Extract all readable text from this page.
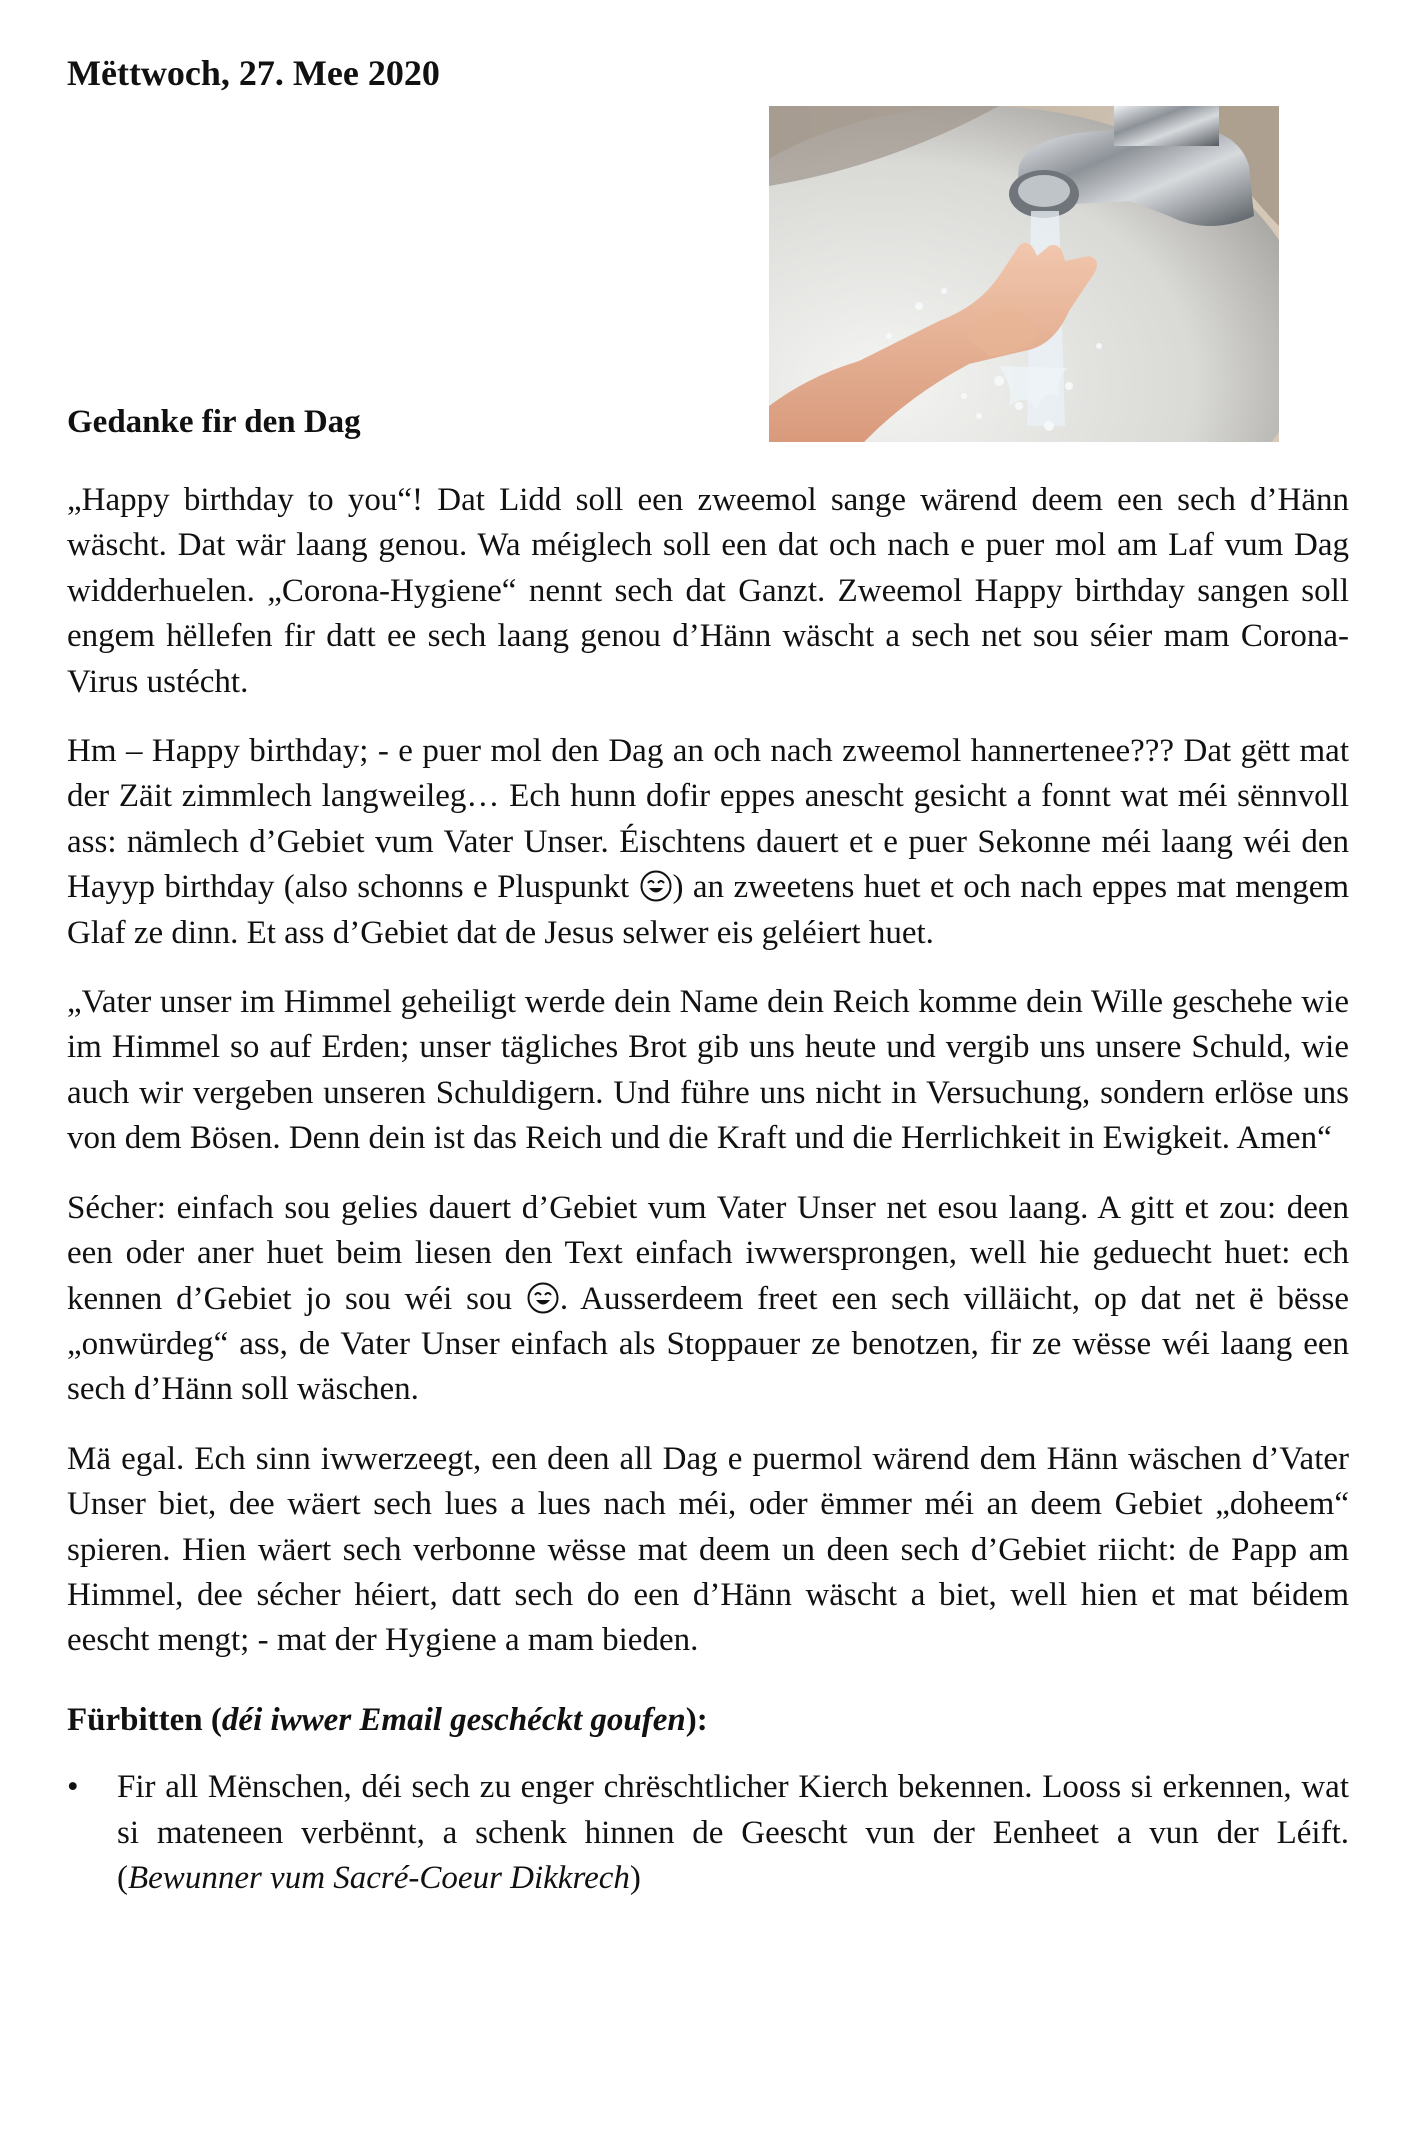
Mëttwoch, 27. Mee 2020
Gedanke fir den Dag

„Happy birthday to you“! Dat Lidd soll een zweemol sange wärend deem een sech d’Hänn wäscht. Dat wär laang genou. Wa méiglech soll een dat och nach e puer mol am Laf vum Dag widderhuelen. „Corona-Hygiene“ nennt sech dat Ganzt. Zweemol Happy birthday sangen soll engem hëllefen fir datt ee sech laang genou d’Hänn wäscht a sech net sou séier mam Corona-Virus ustécht.

Hm – Happy birthday; - e puer mol den Dag an och nach zweemol hannertenee??? Dat gëtt mat der Zäit zimmlech langweileg… Ech hunn dofir eppes anescht gesicht a fonnt wat méi sënnvoll ass: nämlech d’Gebiet vum Vater Unser. Éischtens dauert et e puer Sekonne méi laang wéi den Hayyp birthday (also schonns e Pluspunkt ) an zweetens huet et och nach eppes mat mengem Glaf ze dinn. Et ass d’Gebiet dat de Jesus selwer eis geléiert huet.

„Vater unser im Himmel geheiligt werde dein Name dein Reich komme dein Wille geschehe wie im Himmel so auf Erden; unser tägliches Brot gib uns heute und vergib uns unsere Schuld, wie auch wir vergeben unseren Schuldigern. Und führe uns nicht in Versuchung, sondern erlöse uns von dem Bösen. Denn dein ist das Reich und die Kraft und die Herrlichkeit in Ewigkeit. Amen“

Sécher: einfach sou gelies dauert d’Gebiet vum Vater Unser net esou laang. A gitt et zou: deen een oder aner huet beim liesen den Text einfach iwwersprongen, well hie geduecht huet: ech kennen d’Gebiet jo sou wéi sou . Ausserdeem freet een sech villäicht, op dat net ë bësse „onwürdeg“ ass, de Vater Unser einfach als Stoppauer ze benotzen, fir ze wësse wéi laang een sech d’Hänn soll wäschen.

Mä egal. Ech sinn iwwerzeegt, een deen all Dag e puermol wärend dem Hänn wäschen d’Vater Unser biet, dee wäert sech lues a lues nach méi, oder ëmmer méi an deem Gebiet „doheem“ spieren. Hien wäert sech verbonne wësse mat deem un deen sech d’Gebiet riicht: de Papp am Himmel, dee sécher héiert, datt sech do een d’Hänn wäscht a biet, well hien et mat béidem eescht mengt; - mat der Hygiene a mam bieden.

Fürbitten (déi iwwer Email geschéckt goufen):
• Fir all Mënschen, déi sech zu enger chrëschtlicher Kierch bekennen. Looss si erkennen, wat si mateneen verbënnt, a schenk hinnen de Geescht vun der Eenheet a vun der Léift. (Bewunner vum Sacré-Coeur Dikkrech)
